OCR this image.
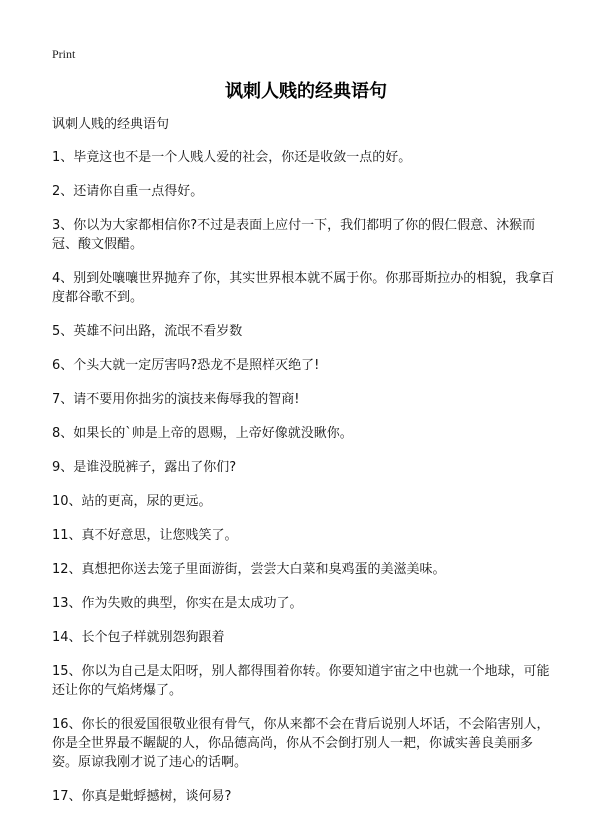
Print
讽刺人贱的经典语句
讽刺人贱的经典语句
1、毕竟这也不是一个人贱人爱的社会，你还是收敛一点的好。
2、还请你自重一点得好。
3、你以为大家都相信你?不过是表面上应付一下，我们都明了你的假仁假意、沐猴而冠、酸文假醋。
4、别到处嚷嚷世界抛弃了你，其实世界根本就不属于你。你那哥斯拉办的相貌，我拿百度都谷歌不到。
5、英雄不问出路，流氓不看岁数
6、个头大就一定厉害吗?恐龙不是照样灭绝了!
7、请不要用你拙劣的演技来侮辱我的智商!
8、如果长的`帅是上帝的恩赐，上帝好像就没瞅你。
9、是谁没脱裤子，露出了你们?
10、站的更高，尿的更远。
11、真不好意思，让您贱笑了。
12、真想把你送去笼子里面游街，尝尝大白菜和臭鸡蛋的美滋美味。
13、作为失败的典型，你实在是太成功了。
14、长个包子样就别怨狗跟着
15、你以为自己是太阳呀，别人都得围着你转。你要知道宇宙之中也就一个地球，可能还让你的气焰烤爆了。
16、你长的很爱国很敬业很有骨气，你从来都不会在背后说别人坏话，不会陷害别人，你是全世界最不龌龊的人，你品德高尚，你从不会倒打别人一耙，你诚实善良美丽多姿。原谅我刚才说了违心的话啊。
17、你真是蚍蜉撼树，谈何易?
